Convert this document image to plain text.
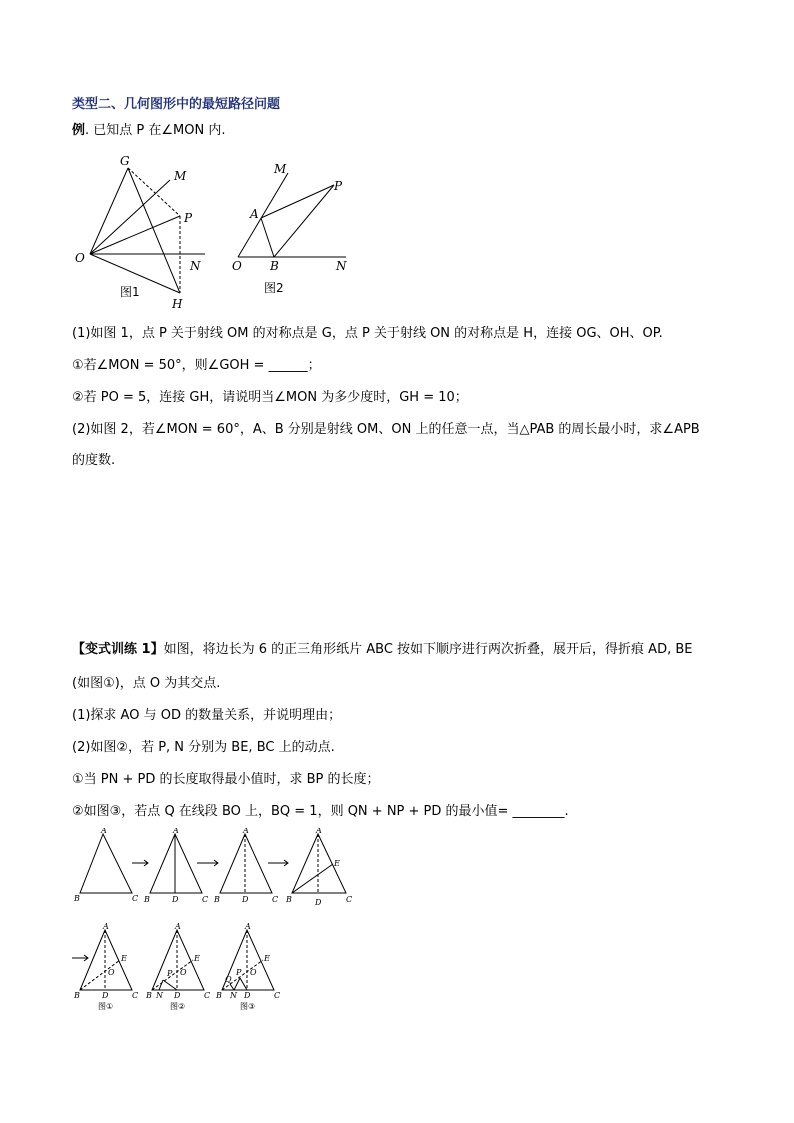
类型二、几何图形中的最短路径问题
例. 已知点 P 在∠MON 内.
G
M
P
O
N
H
图1
M
P
A
O B	N
图2
(1)如图 1，点 P 关于射线 OM 的对称点是 G，点 P 关于射线 ON 的对称点是 H，连接 OG、OH、OP.
①若∠MON = 50°，则∠GOH = ______；
②若 PO = 5，连接 GH，请说明当∠MON 为多少度时，GH = 10；
(2)如图 2，若∠MON = 60°，A、B 分别是射线 OM、ON 上的任意一点，当△PAB 的周长最小时，求∠APB
的度数.
【变式训练 1】如图，将边长为 6 的正三角形纸片 ABC 按如下顺序进行两次折叠，展开后，得折痕 AD, BE
(如图①)，点 O 为其交点.
(1)探求 AO 与 OD 的数量关系，并说明理由；
(2)如图②，若 P, N 分别为 BE, BC 上的动点.
①当 PN + PD 的长度取得最小值时，求 BP 的长度；
②如图③，若点 Q 在线段 BO 上，BQ = 1，则 QN + NP + PD 的最小值= ________.
A
B	C
A
B	D	C
A
B	D	C
A
E
B	D	C
A
E
O
B	D	C
A
E
P O
B N D	C
A
E
Q
P O
B N D	C
图①	图②	图③
